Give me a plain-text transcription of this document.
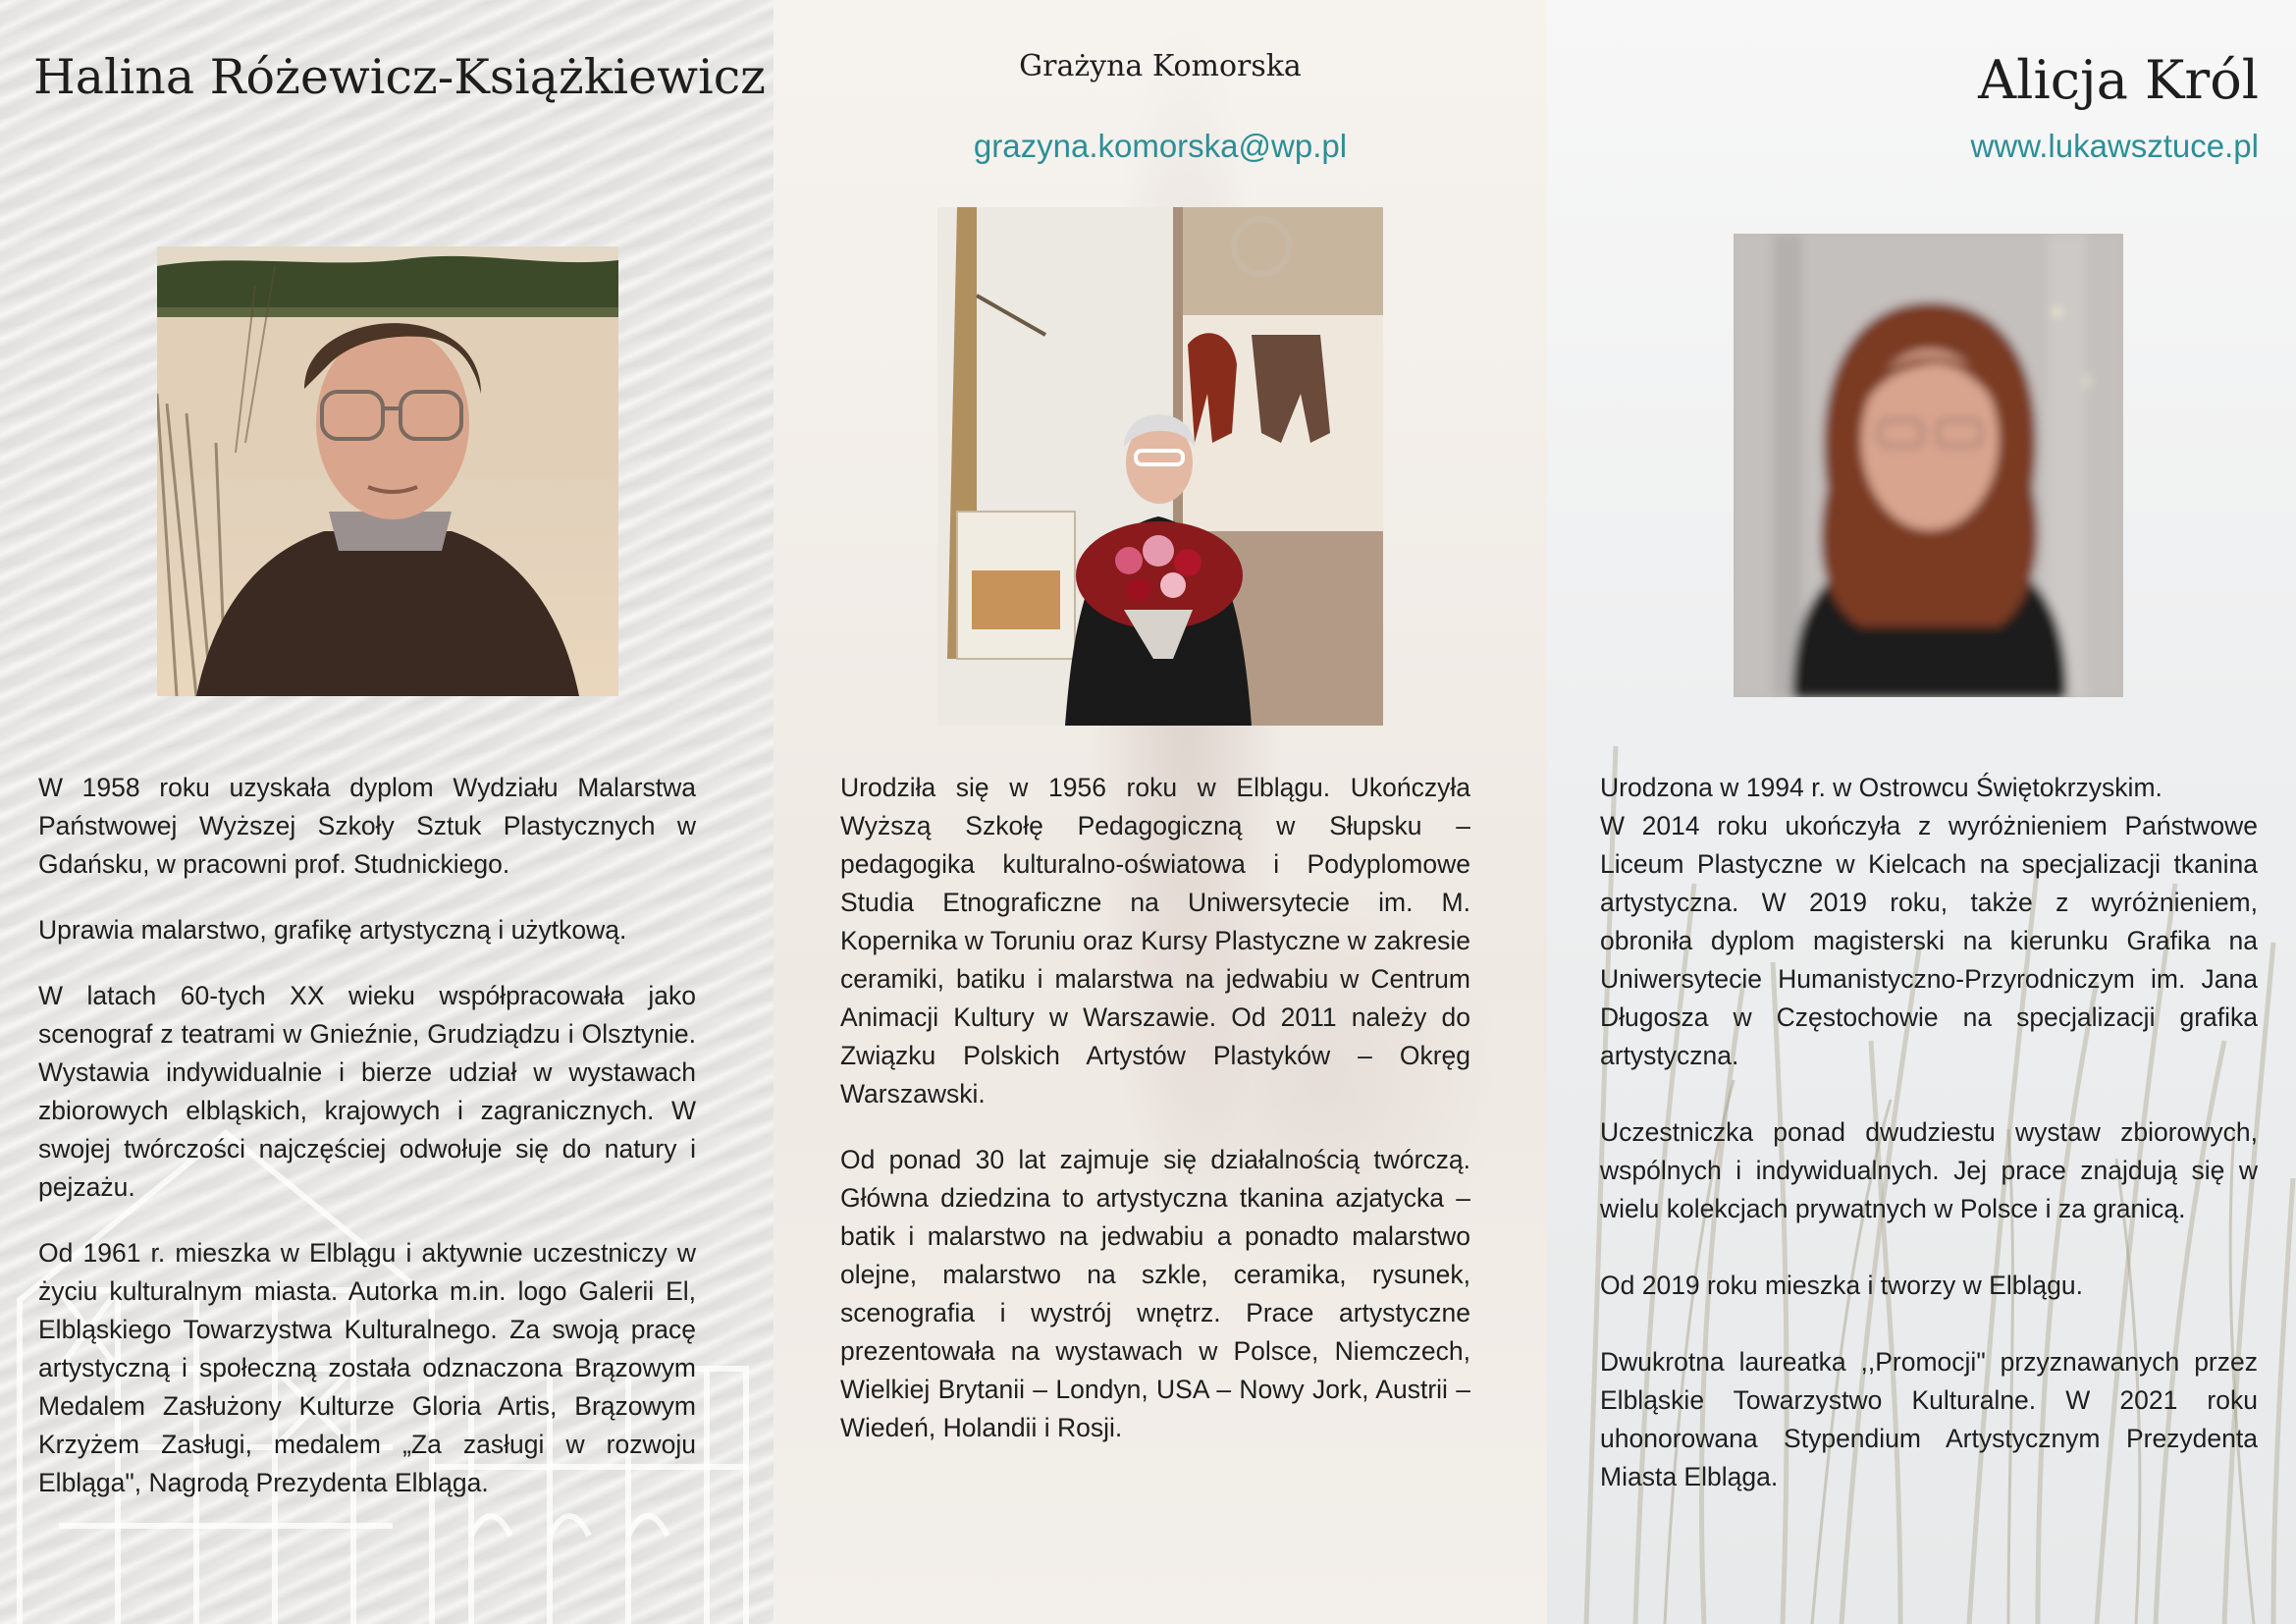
Halina Różewicz-Książkiewicz

W 1958 roku uzyskała dyplom Wydziału Malarstwa Państwowej Wyższej Szkoły Sztuk Plastycznych w Gdańsku, w pracowni prof. Studnickiego.

Uprawia malarstwo, grafikę artystyczną i użytkową.

W latach 60-tych XX wieku współpracowała jako scenograf z teatrami w Gnieźnie, Grudziądzu i Olsztynie. Wystawia indywidualnie i bierze udział w wystawach zbiorowych elbląskich, krajowych i zagranicznych. W swojej twórczości najczęściej odwołuje się do natury i pejzażu.

Od 1961 r. mieszka w Elblągu i aktywnie uczestniczy w życiu kulturalnym miasta. Autorka m.in. logo Galerii El, Elbląskiego Towarzystwa Kulturalnego. Za swoją pracę artystyczną i społeczną została odznaczona Brązowym Medalem Zasłużony Kulturze Gloria Artis, Brązowym Krzyżem Zasługi, medalem „Za zasługi w rozwoju Elbląga", Nagrodą Prezydenta Elbląga.

Grażyna Komorska
grazyna.komorska@wp.pl

Urodziła się w 1956 roku w Elblągu. Ukończyła Wyższą Szkołę Pedagogiczną w Słupsku – pedagogika kulturalno-oświatowa i Podyplomowe Studia Etnograficzne na Uniwersytecie im. M. Kopernika w Toruniu oraz Kursy Plastyczne w zakresie ceramiki, batiku i malarstwa na jedwabiu w Centrum Animacji Kultury w Warszawie. Od 2011 należy do Związku Polskich Artystów Plastyków – Okręg Warszawski.

Od ponad 30 lat zajmuje się działalnością twórczą. Główna dziedzina to artystyczna tkanina azjatycka – batik i malarstwo na jedwabiu a ponadto malarstwo olejne, malarstwo na szkle, ceramika, rysunek, scenografia i wystrój wnętrz. Prace artystyczne prezentowała na wystawach w Polsce, Niemczech, Wielkiej Brytanii – Londyn, USA – Nowy Jork, Austrii – Wiedeń, Holandii i Rosji.

Alicja Król
www.lukawsztuce.pl

Urodzona w 1994 r. w Ostrowcu Świętokrzyskim.

W 2014 roku ukończyła z wyróżnieniem Państwowe Liceum Plastyczne w Kielcach na specjalizacji tkanina artystyczna. W 2019 roku, także z wyróżnieniem, obroniła dyplom magisterski na kierunku Grafika na Uniwersytecie Humanistyczno-Przyrodniczym im. Jana Długosza w Częstochowie na specjalizacji grafika artystyczna.

Uczestniczka ponad dwudziestu wystaw zbiorowych, wspólnych i indywidualnych. Jej prace znajdują się w wielu kolekcjach prywatnych w Polsce i za granicą.

Od 2019 roku mieszka i tworzy w Elblągu.

Dwukrotna laureatka ,,Promocji" przyznawanych przez Elbląskie Towarzystwo Kulturalne. W 2021 roku uhonorowana Stypendium Artystycznym Prezydenta Miasta Elbląga.
